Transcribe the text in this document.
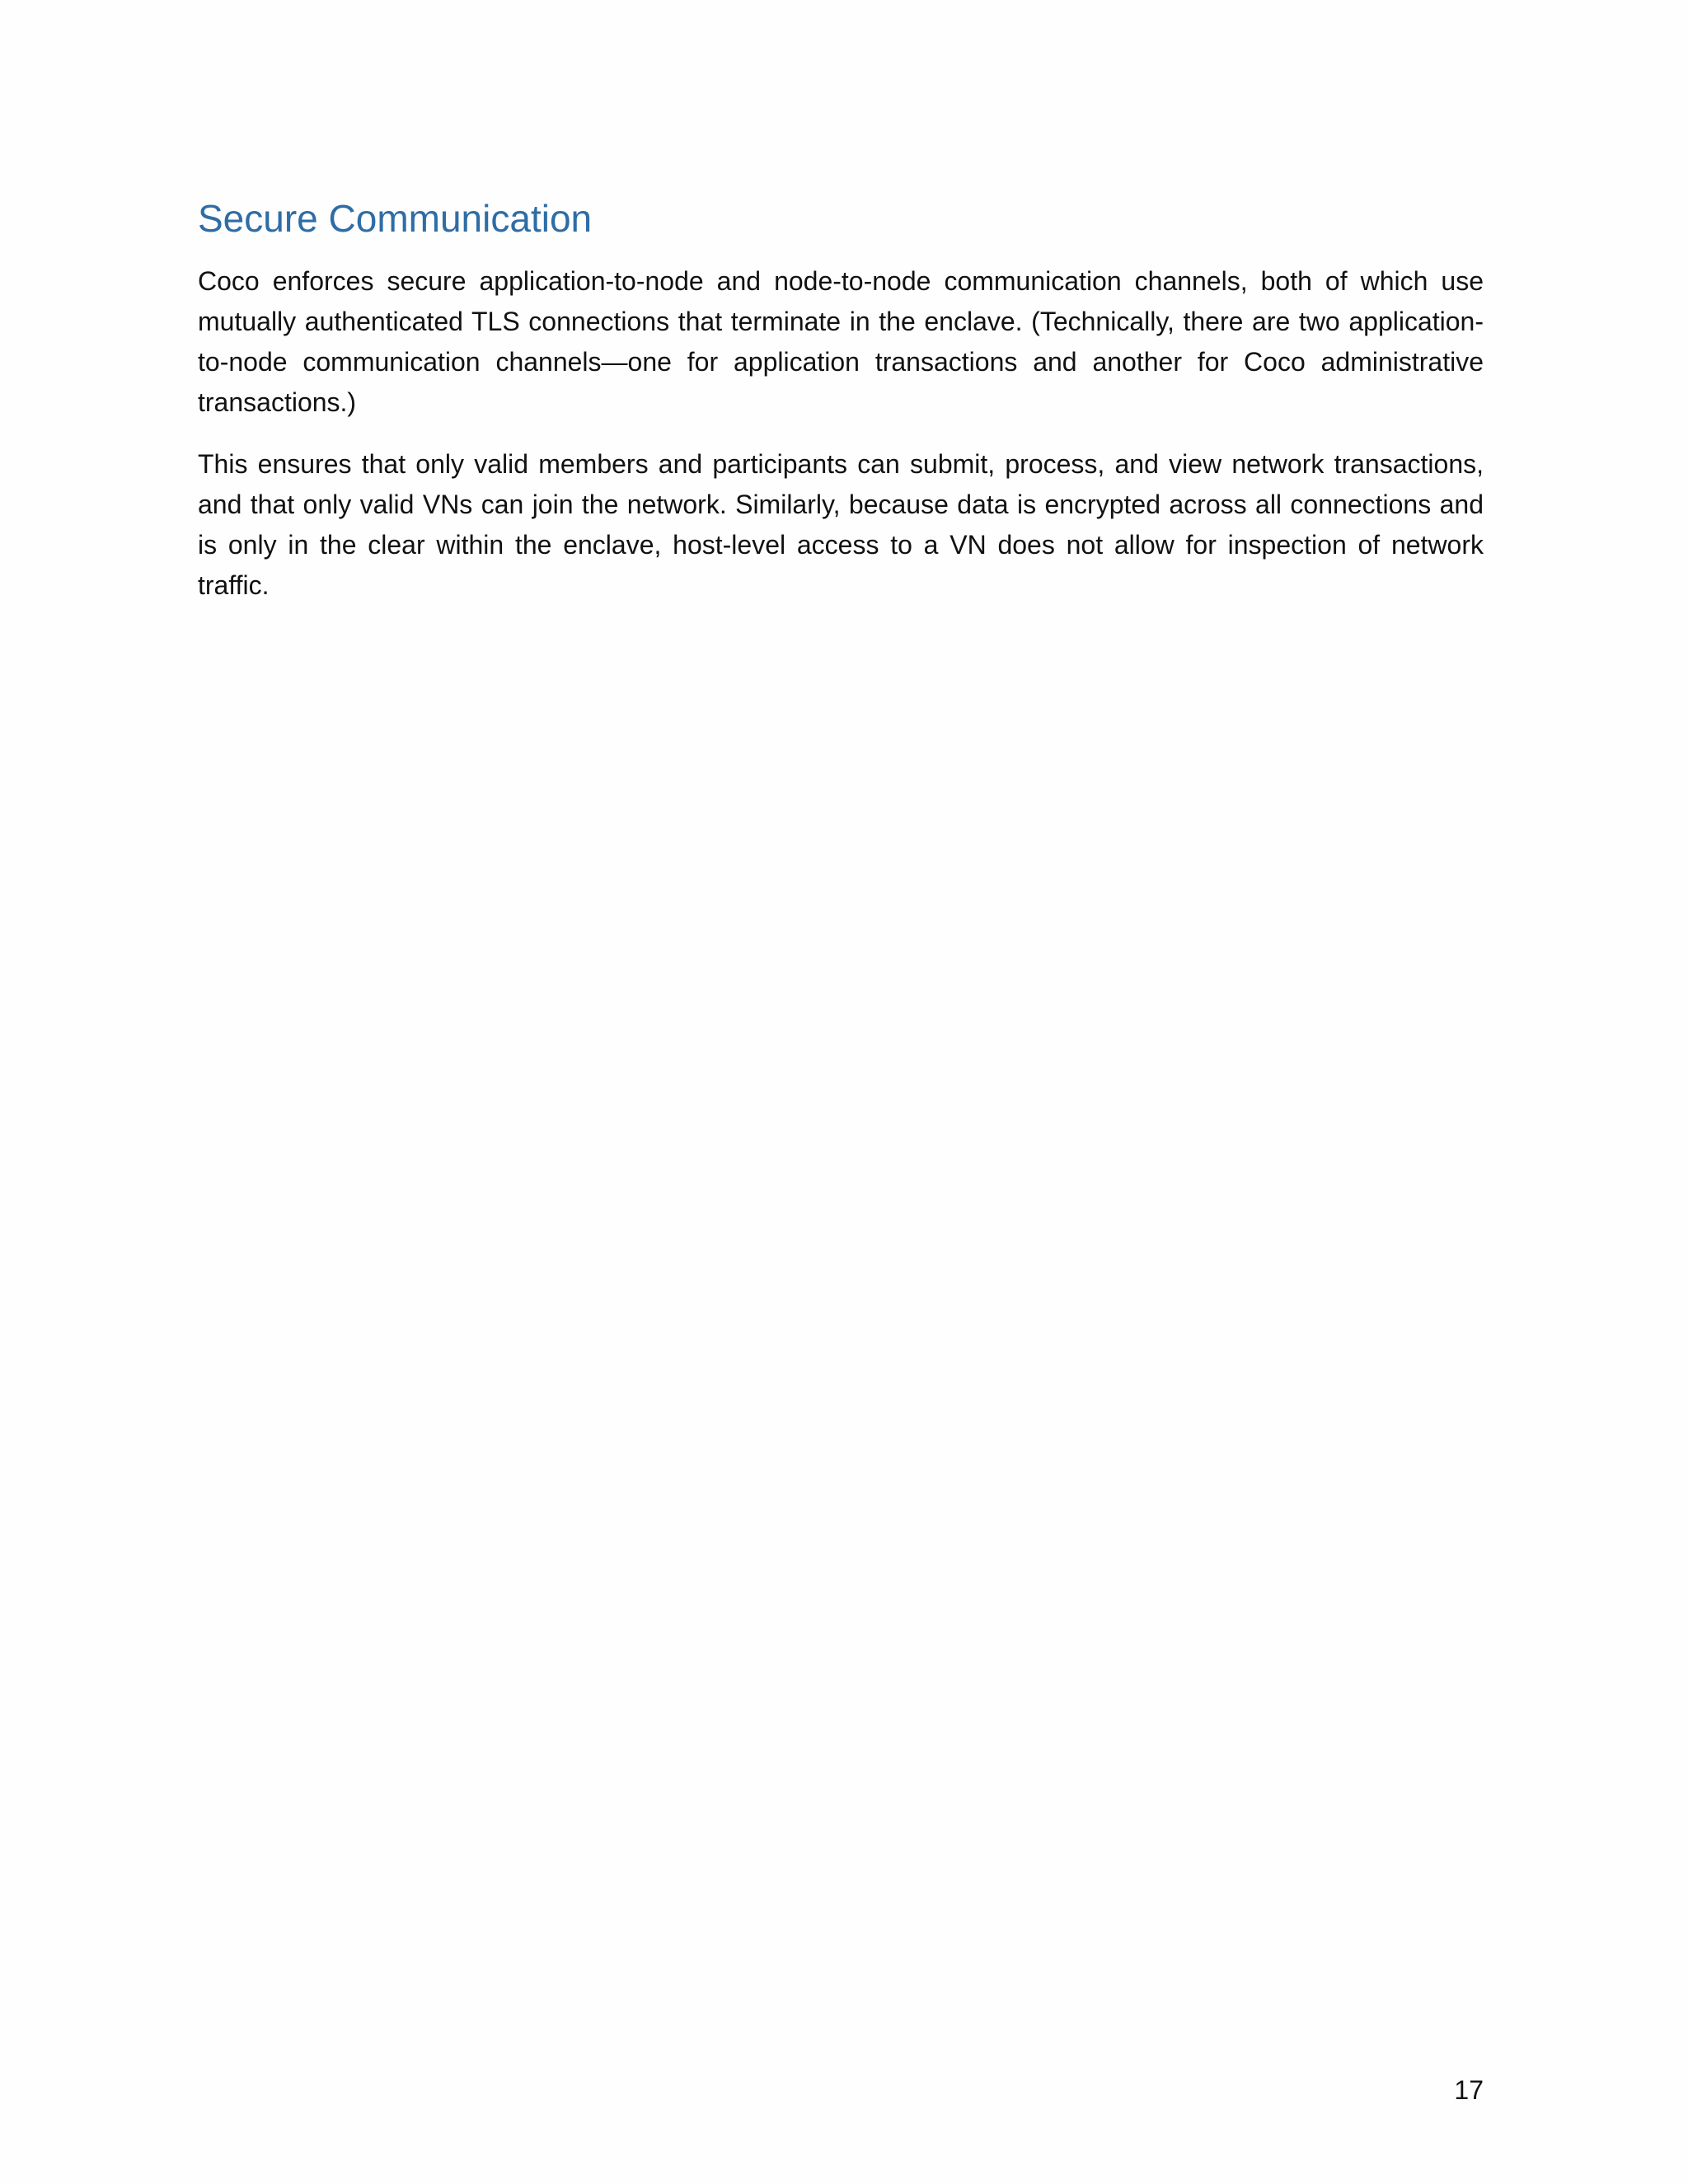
Secure Communication

Coco enforces secure application-to-node and node-to-node communication channels, both of which use mutually authenticated TLS connections that terminate in the enclave. (Technically, there are two application-to-node communication channels—one for application transactions and another for Coco administrative transactions.)

This ensures that only valid members and participants can submit, process, and view network transactions, and that only valid VNs can join the network. Similarly, because data is encrypted across all connections and is only in the clear within the enclave, host-level access to a VN does not allow for inspection of network traffic.

17
